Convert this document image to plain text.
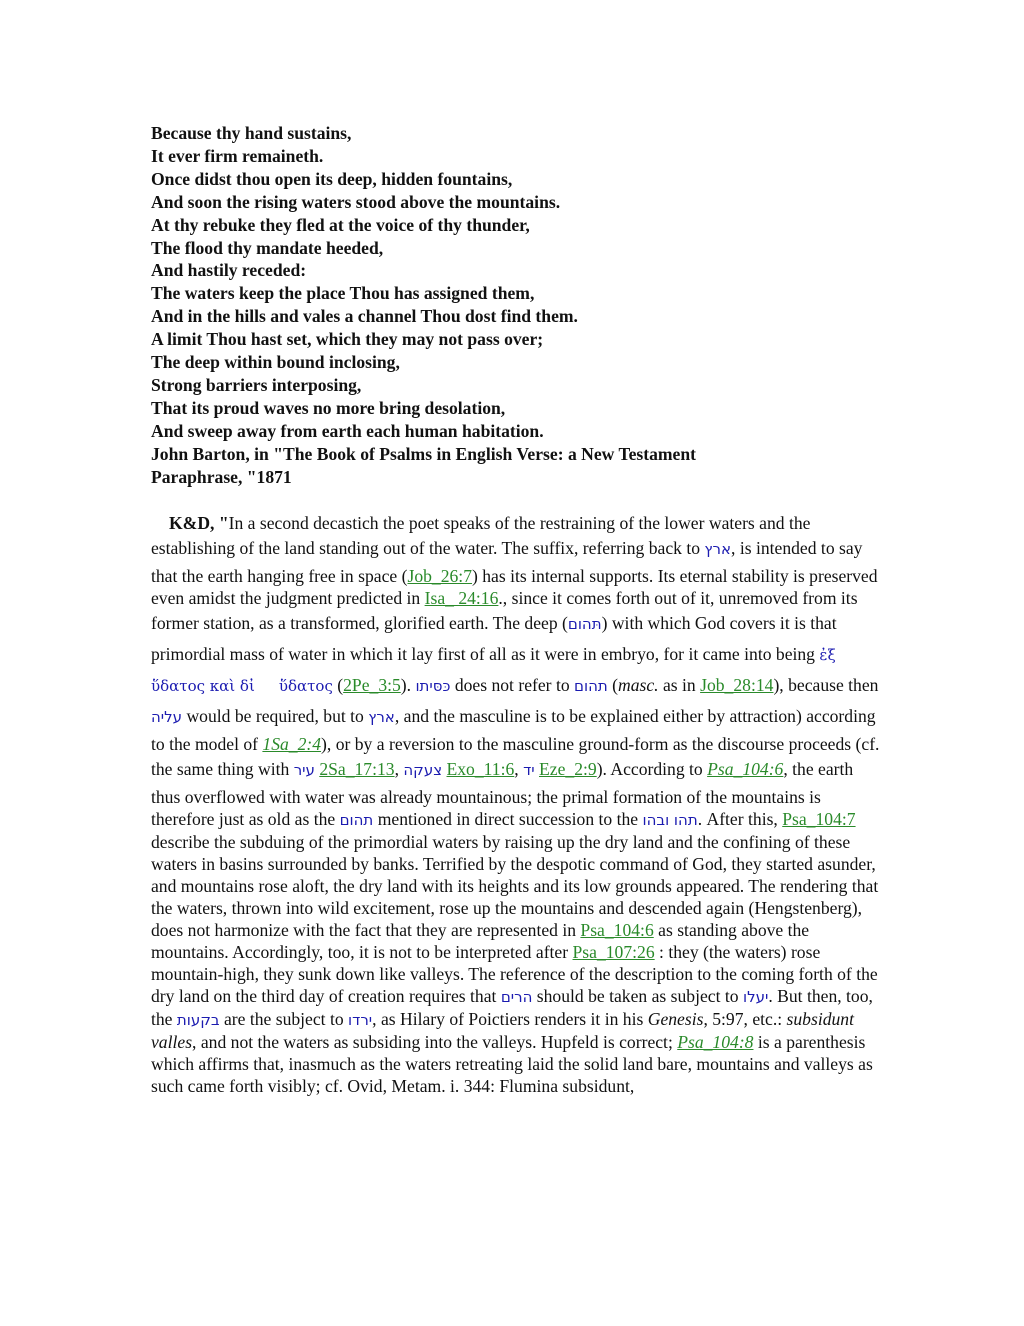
Because thy hand sustains,
It ever firm remaineth.
Once didst thou open its deep, hidden fountains,
And soon the rising waters stood above the mountains.
At thy rebuke they fled at the voice of thy thunder,
The flood thy mandate heeded,
And hastily receded:
The waters keep the place Thou has assigned them,
And in the hills and vales a channel Thou dost find them.
A limit Thou hast set, which they may not pass over;
The deep within bound inclosing,
Strong barriers interposing,
That its proud waves no more bring desolation,
And sweep away from earth each human habitation.
John Barton, in "The Book of Psalms in English Verse: a New Testament
Paraphrase, "1871
K&D, "In a second decastich the poet speaks of the restraining of the lower waters and the establishing of the land standing out of the water. The suffix, referring back to ארץ, is intended to say that the earth hanging free in space (Job_26:7) has its internal supports. Its eternal stability is preserved even amidst the judgment predicted in Isa_ 24:16., since it comes forth out of it, unremoved from its former station, as a transformed, glorified earth. The deep (תּהום) with which God covers it is that primordial mass of water in which it lay first of all as it were in embryo, for it came into being ἐξ ὕδατος καὶ δἰ ὕδατος (2Pe_3:5). כּסּיתו does not refer to תהום (masc. as in Job_28:14), because then עליה would be required, but to ארץ, and the masculine is to be explained either by attraction) according to the model of 1Sa_2:4), or by a reversion to the masculine ground-form as the discourse proceeds (cf. the same thing with עיר 2Sa_17:13, צעקה Exo_11:6, יד Eze_2:9). According to Psa_104:6, the earth thus overflowed with water was already mountainous; the primal formation of the mountains is therefore just as old as the תהום mentioned in direct succession to the תהו ובהו. After this, Psa_104:7 describe the subduing of the primordial waters by raising up the dry land and the confining of these waters in basins surrounded by banks. Terrified by the despotic command of God, they started asunder, and mountains rose aloft, the dry land with its heights and its low grounds appeared. The rendering that the waters, thrown into wild excitement, rose up the mountains and descended again (Hengstenberg), does not harmonize with the fact that they are represented in Psa_104:6 as standing above the mountains. Accordingly, too, it is not to be interpreted after Psa_107:26 : they (the waters) rose mountain-high, they sunk down like valleys. The reference of the description to the coming forth of the dry land on the third day of creation requires that הרים should be taken as subject to יעלו. But then, too, the בקעות are the subject to ירדו, as Hilary of Poictiers renders it in his Genesis, 5:97, etc.: subsidunt valles, and not the waters as subsiding into the valleys. Hupfeld is correct; Psa_104:8 is a parenthesis which affirms that, inasmuch as the waters retreating laid the solid land bare, mountains and valleys as such came forth visibly; cf. Ovid, Metam. i. 344: Flumina subsidunt,
